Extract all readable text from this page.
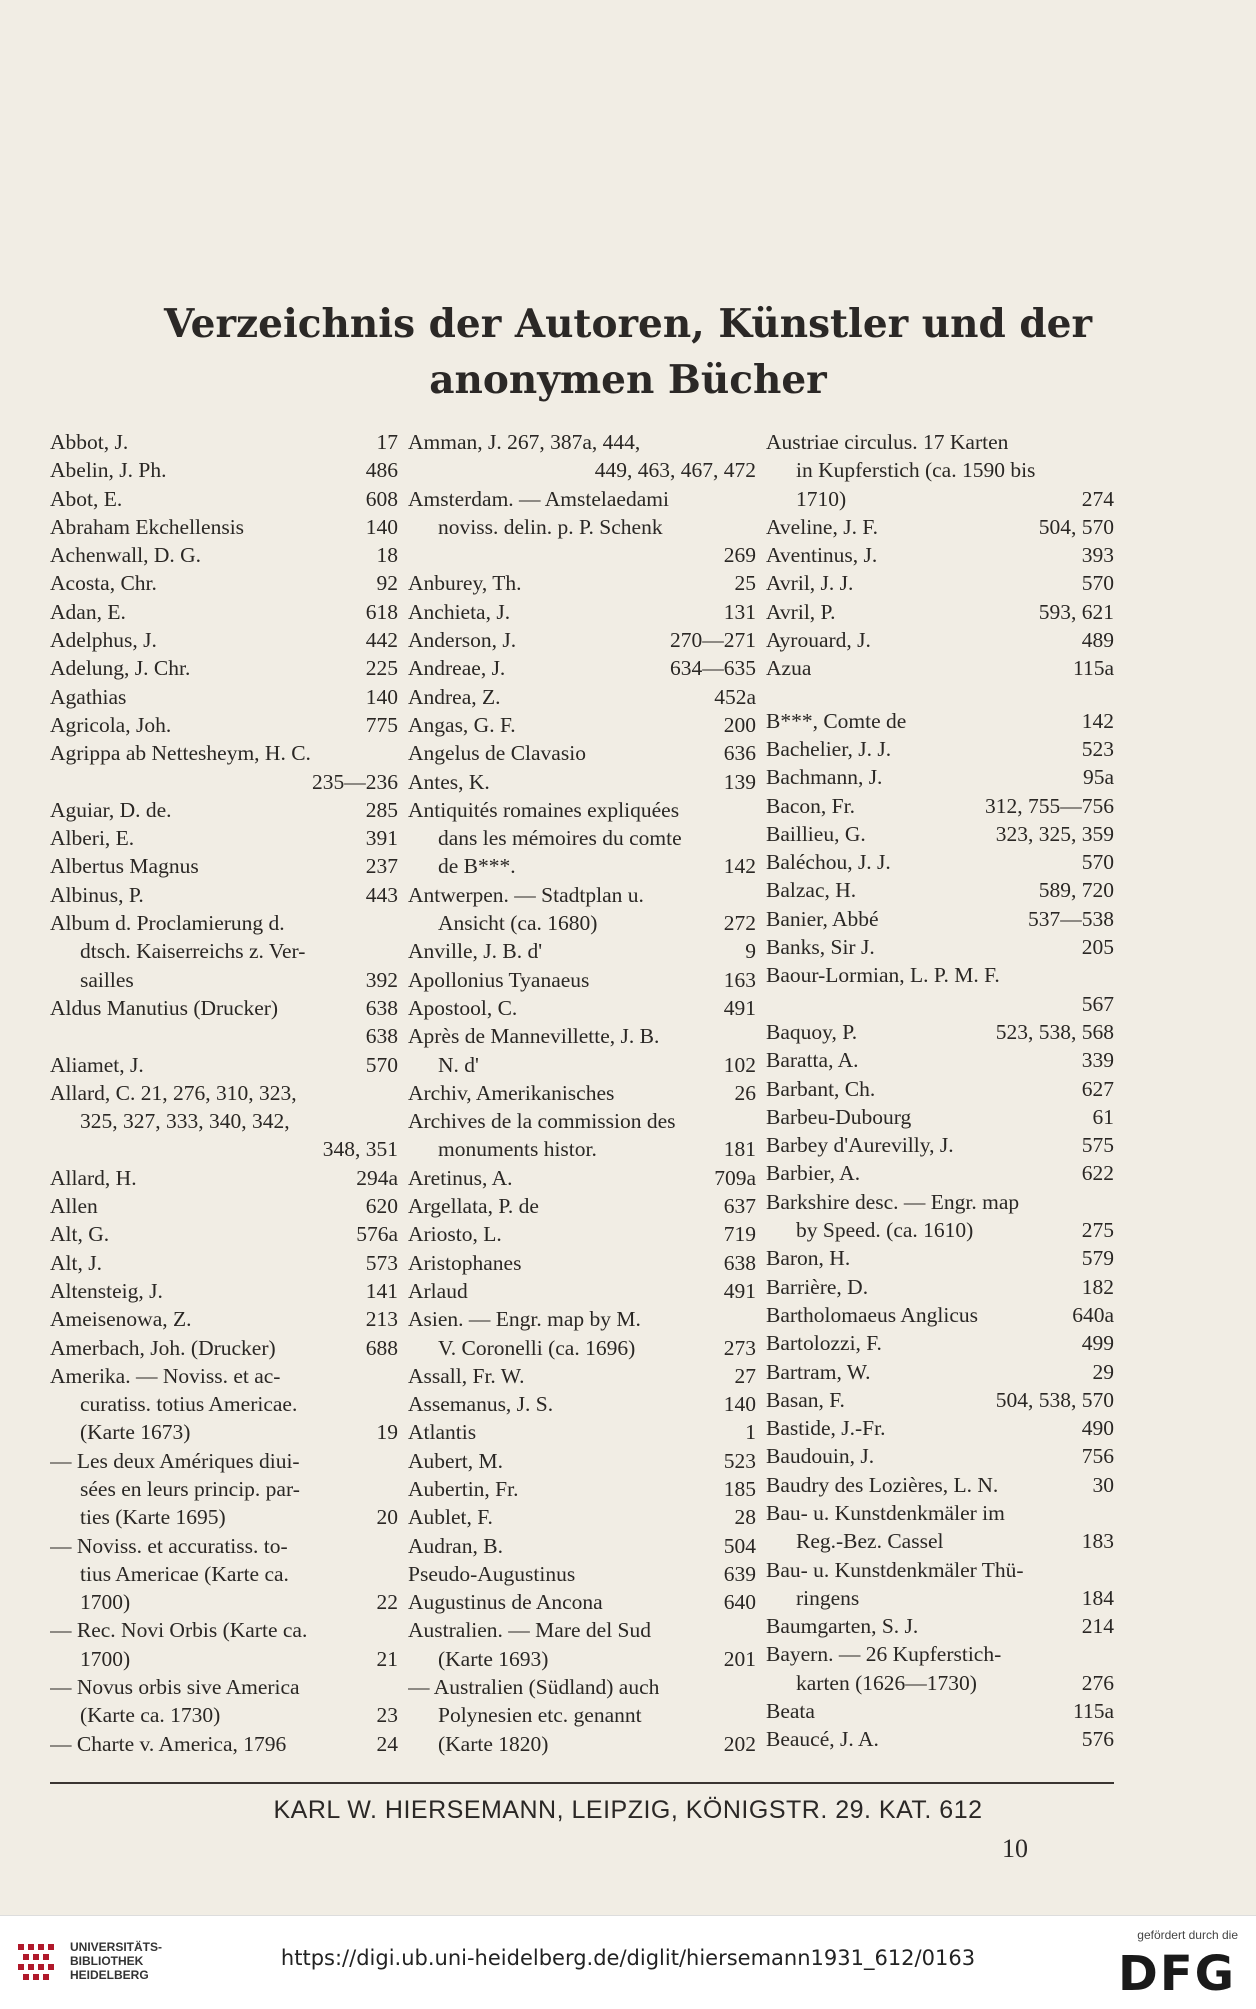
Verzeichnis der Autoren, Künstler und der
anonymen Bücher
Abbot, J.	17
Abelin, J. Ph.	486
Abot, E.	608
Abraham Ekchellensis	140
Achenwall, D. G.	18
Acosta, Chr.	92
Adan, E.	618
Adelphus, J.	442
Adelung, J. Chr.	225
Agathias	140
Agricola, Joh.	775
Agrippa ab Nettesheym, H. C.
235—236
Aguiar, D. de.	285
Alberi, E.	391
Albertus Magnus	237
Albinus, P.	443
Album d. Proclamierung d.
dtsch. Kaiserreichs z. Ver-
sailles	392
Aldus Manutius (Drucker)	638
638
Aliamet, J.	570
Allard, C. 21, 276, 310, 323,
325, 327, 333, 340, 342,
348, 351
Allard, H.	294a
Allen	620
Alt, G.	576a
Alt, J.	573
Altensteig, J.	141
Ameisenowa, Z.	213
Amerbach, Joh. (Drucker)	688
Amerika. — Noviss. et ac-
curatiss. totius Americae.
(Karte 1673)	19
— Les deux Amériques diui-
sées en leurs princip. par-
ties (Karte 1695)	20
— Noviss. et accuratiss. to-
tius Americae (Karte ca.
1700)	22
— Rec. Novi Orbis (Karte ca.
1700)	21
— Novus orbis sive America
(Karte ca. 1730)	23
— Charte v. America, 1796	24
Amman, J. 267, 387a, 444,
449, 463, 467, 472
Amsterdam. — Amstelaedami
noviss. delin. p. P. Schenk
269
Anburey, Th.	25
Anchieta, J.	131
Anderson, J.	270—271
Andreae, J.	634—635
Andrea, Z.	452a
Angas, G. F.	200
Angelus de Clavasio	636
Antes, K.	139
Antiquités romaines expliquées
dans les mémoires du comte
de B***.	142
Antwerpen. — Stadtplan u.
Ansicht (ca. 1680)	272
Anville, J. B. d'	9
Apollonius Tyanaeus	163
Apostool, C.	491
Après de Mannevillette, J. B.
N. d'	102
Archiv, Amerikanisches	26
Archives de la commission des
monuments histor.	181
Aretinus, A.	709a
Argellata, P. de	637
Ariosto, L.	719
Aristophanes	638
Arlaud	491
Asien. — Engr. map by M.
V. Coronelli (ca. 1696)	273
Assall, Fr. W.	27
Assemanus, J. S.	140
Atlantis	1
Aubert, M.	523
Aubertin, Fr.	185
Aublet, F.	28
Audran, B.	504
Pseudo-Augustinus	639
Augustinus de Ancona	640
Australien. — Mare del Sud
(Karte 1693)	201
— Australien (Südland) auch
Polynesien etc. genannt
(Karte 1820)	202
Austriae circulus. 17 Karten
in Kupferstich (ca. 1590 bis
1710)	274
Aveline, J. F.	504, 570
Aventinus, J.	393
Avril, J. J.	570
Avril, P.	593, 621
Ayrouard, J.	489
Azua	115a
B***, Comte de	142
Bachelier, J. J.	523
Bachmann, J.	95a
Bacon, Fr.	312, 755—756
Baillieu, G.	323, 325, 359
Baléchou, J. J.	570
Balzac, H.	589, 720
Banier, Abbé	537—538
Banks, Sir J.	205
Baour-Lormian, L. P. M. F.
567
Baquoy, P.	523, 538, 568
Baratta, A.	339
Barbant, Ch.	627
Barbeu-Dubourg	61
Barbey d'Aurevilly, J.	575
Barbier, A.	622
Barkshire desc. — Engr. map
by Speed. (ca. 1610)	275
Baron, H.	579
Barrière, D.	182
Bartholomaeus Anglicus	640a
Bartolozzi, F.	499
Bartram, W.	29
Basan, F.	504, 538, 570
Bastide, J.-Fr.	490
Baudouin, J.	756
Baudry des Lozières, L. N.	30
Bau- u. Kunstdenkmäler im
Reg.-Bez. Cassel	183
Bau- u. Kunstdenkmäler Thü-
ringens	184
Baumgarten, S. J.	214
Bayern. — 26 Kupferstich-
karten (1626—1730)	276
Beata	115a
Beaucé, J. A.	576
KARL W. HIERSEMANN, LEIPZIG, KÖNIGSTR. 29. KAT. 612
10
UNIVERSITÄTS-
BIBLIOTHEK
HEIDELBERG
https://digi.ub.uni-heidelberg.de/diglit/hiersemann1931_612/0163
gefördert durch die
DFG
